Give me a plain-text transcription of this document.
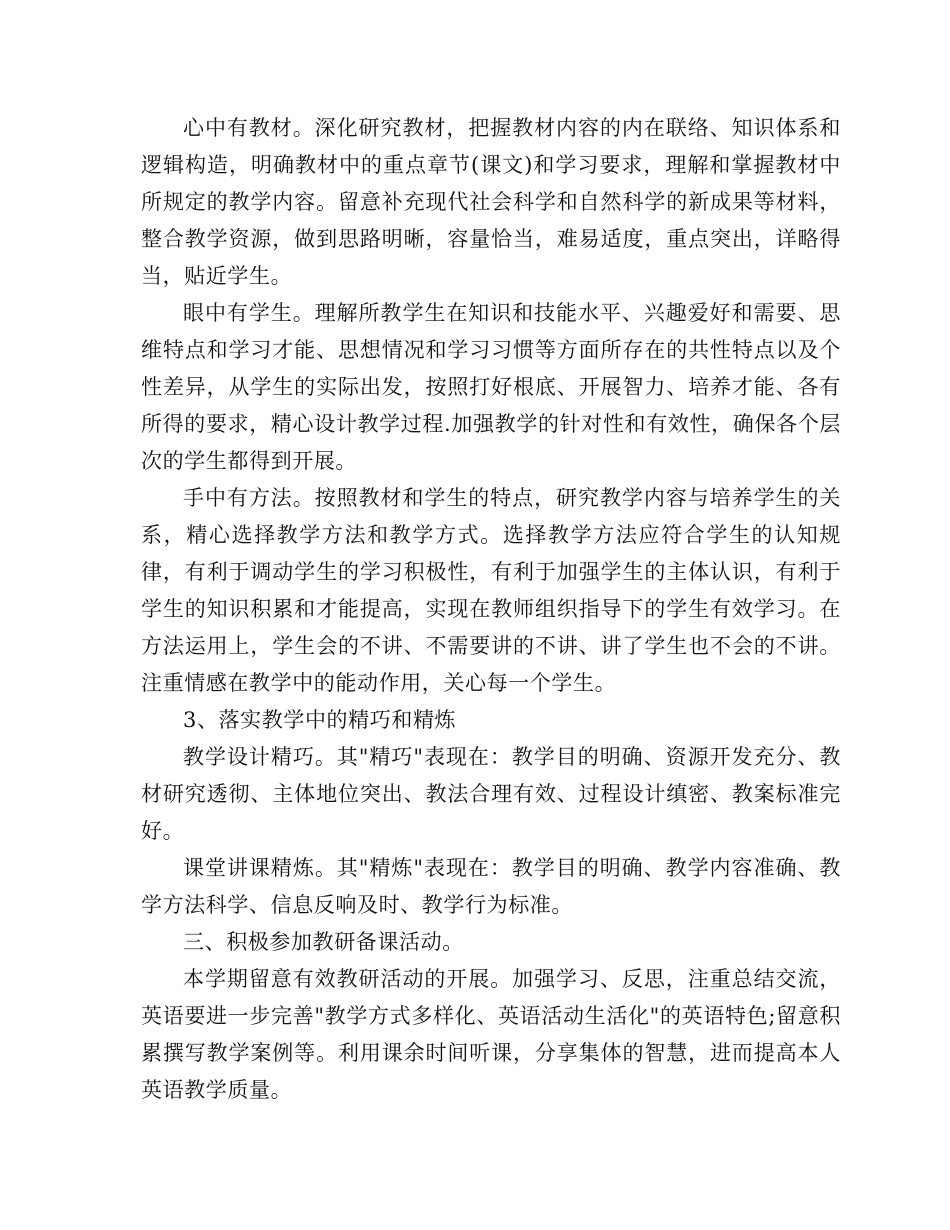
心中有教材。深化研究教材，把握教材内容的内在联络、知识体系和逻辑构造，明确教材中的重点章节(课文)和学习要求，理解和掌握教材中所规定的教学内容。留意补充现代社会科学和自然科学的新成果等材料，整合教学资源，做到思路明晰，容量恰当，难易适度，重点突出，详略得当，贴近学生。

眼中有学生。理解所教学生在知识和技能水平、兴趣爱好和需要、思维特点和学习才能、思想情况和学习习惯等方面所存在的共性特点以及个性差异，从学生的实际出发，按照打好根底、开展智力、培养才能、各有所得的要求，精心设计教学过程.加强教学的针对性和有效性，确保各个层次的学生都得到开展。

手中有方法。按照教材和学生的特点，研究教学内容与培养学生的关系，精心选择教学方法和教学方式。选择教学方法应符合学生的认知规律，有利于调动学生的学习积极性，有利于加强学生的主体认识，有利于学生的知识积累和才能提高，实现在教师组织指导下的学生有效学习。在方法运用上，学生会的不讲、不需要讲的不讲、讲了学生也不会的不讲。注重情感在教学中的能动作用，关心每一个学生。

3、落实教学中的精巧和精炼

教学设计精巧。其"精巧"表现在：教学目的明确、资源开发充分、教材研究透彻、主体地位突出、教法合理有效、过程设计缜密、教案标准完好。

课堂讲课精炼。其"精炼"表现在：教学目的明确、教学内容准确、教学方法科学、信息反响及时、教学行为标准。

三、积极参加教研备课活动。

本学期留意有效教研活动的开展。加强学习、反思，注重总结交流，英语要进一步完善"教学方式多样化、英语活动生活化"的英语特色;留意积累撰写教学案例等。利用课余时间听课，分享集体的智慧，进而提高本人英语教学质量。
